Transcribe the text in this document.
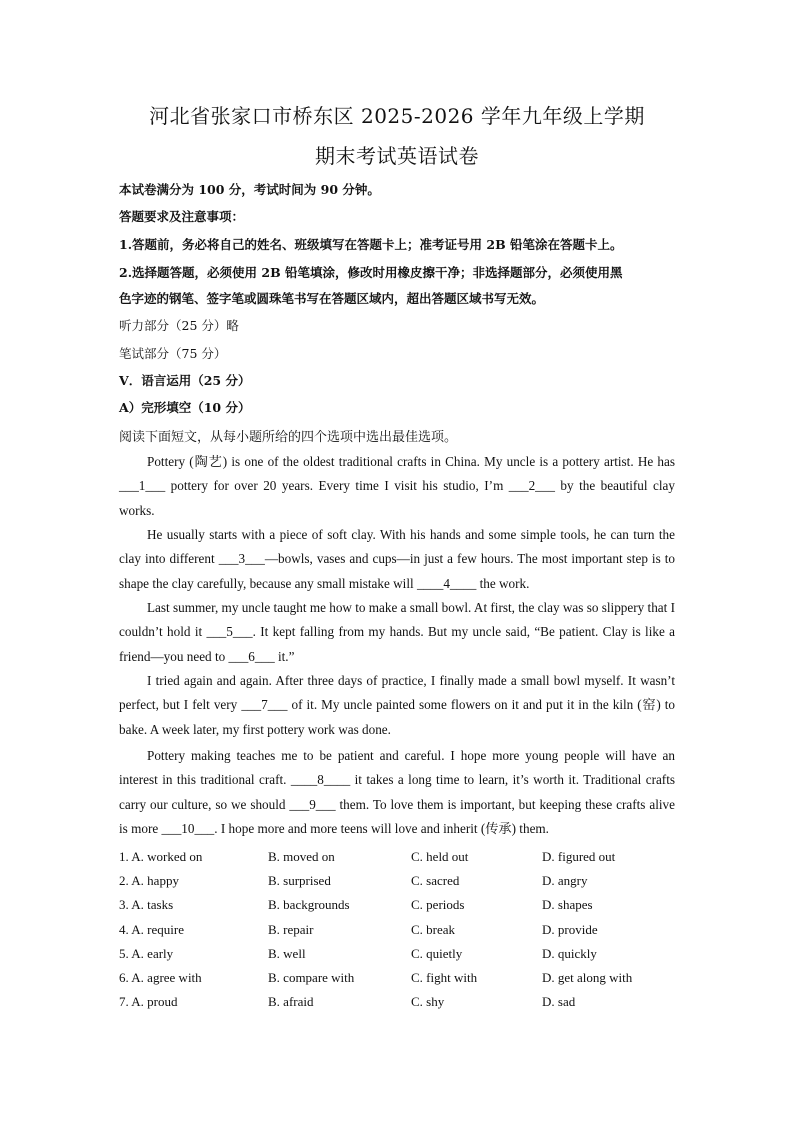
河北省张家口市桥东区 2025-2026 学年九年级上学期
期末考试英语试卷
本试卷满分为 100 分，考试时间为 90 分钟。
答题要求及注意事项：
1.答题前，务必将自己的姓名、班级填写在答题卡上；准考证号用 2B 铅笔涂在答题卡上。
2.选择题答题，必须使用 2B 铅笔填涂，修改时用橡皮擦干净；非选择题部分，必须使用黑
色字迹的钢笔、签字笔或圆珠笔书写在答题区域内，超出答题区域书写无效。
听力部分（25 分）略
笔试部分（75 分）
Ⅴ．语言运用（25 分）
A）完形填空（10 分）
阅读下面短文，从每小题所给的四个选项中选出最佳选项。
Pottery (陶艺) is one of the oldest traditional crafts in China. My uncle is a pottery artist. He has ___1___ pottery for over 20 years. Every time I visit his studio, I’m ___2___ by the beautiful clay works.
He usually starts with a piece of soft clay. With his hands and some simple tools, he can turn the clay into different ___3___—bowls, vases and cups—in just a few hours. The most important step is to shape the clay carefully, because any small mistake will ____4____ the work.
Last summer, my uncle taught me how to make a small bowl. At first, the clay was so slippery that I couldn’t hold it ___5___. It kept falling from my hands. But my uncle said, “Be patient. Clay is like a friend—you need to ___6___ it.”
I tried again and again. After three days of practice, I finally made a small bowl myself. It wasn’t perfect, but I felt very ___7___ of it. My uncle painted some flowers on it and put it in the kiln (窑) to bake. A week later, my first pottery work was done.
Pottery making teaches me to be patient and careful. I hope more young people will have an interest in this traditional craft. ____8____ it takes a long time to learn, it’s worth it. Traditional crafts carry our culture, so we should ___9___ them. To love them is important, but keeping these crafts alive is more ___10___. I hope more and more teens will love and inherit (传承) them.
1. A. worked on	B. moved on	C. held out	D. figured out
2. A. happy	B. surprised	C. sacred	D. angry
3. A. tasks	B. backgrounds	C. periods	D. shapes
4. A. require	B. repair	C. break	D. provide
5. A. early	B. well	C. quietly	D. quickly
6. A. agree with	B. compare with	C. fight with	D. get along with
7. A. proud	B. afraid	C. shy	D. sad
